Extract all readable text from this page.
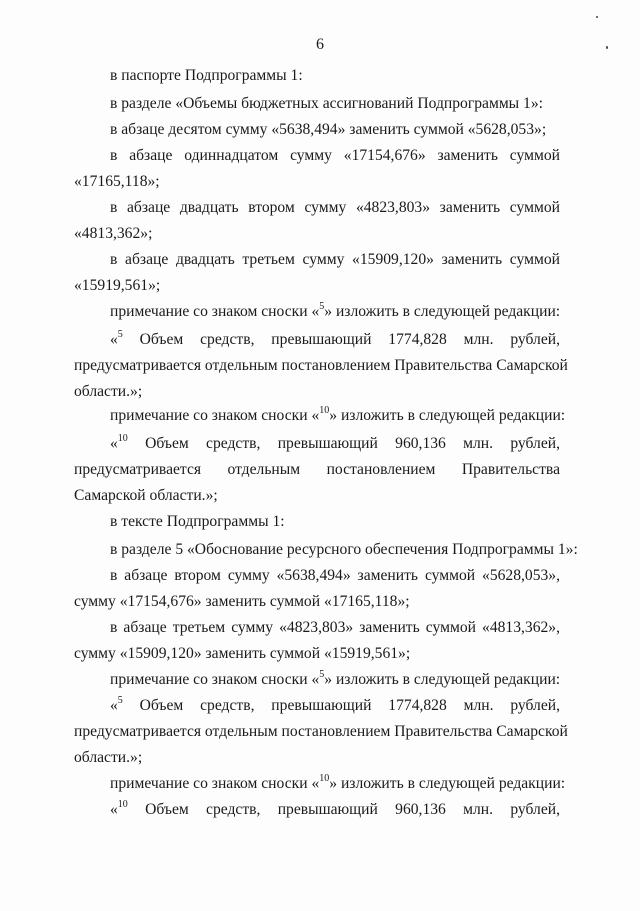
6
в паспорте Подпрограммы 1:
в разделе «Объемы бюджетных ассигнований Подпрограммы 1»:
в абзаце десятом сумму «5638,494» заменить суммой «5628,053»;
в абзаце одиннадцатом сумму «17154,676» заменить суммой
«17165,118»;
в абзаце двадцать втором сумму «4823,803» заменить суммой
«4813,362»;
в абзаце двадцать третьем сумму «15909,120» заменить суммой
«15919,561»;
примечание со знаком сноски «$^5$» изложить в следующей редакции:
«$^5$ Объем средств, превышающий 1774,828 млн. рублей,
предусматривается отдельным постановлением Правительства Самарской
области.»;
примечание со знаком сноски «$^{10}$» изложить в следующей редакции:
«$^{10}$ Объем средств, превышающий 960,136 млн. рублей,
предусматривается отдельным постановлением Правительства
Самарской области.»;
в тексте Подпрограммы 1:
в разделе 5 «Обоснование ресурсного обеспечения Подпрограммы 1»:
в абзаце втором сумму «5638,494» заменить суммой «5628,053»,
сумму «17154,676» заменить суммой «17165,118»;
в абзаце третьем сумму «4823,803» заменить суммой «4813,362»,
сумму «15909,120» заменить суммой «15919,561»;
примечание со знаком сноски «$^5$» изложить в следующей редакции:
«$^5$ Объем средств, превышающий 1774,828 млн. рублей,
предусматривается отдельным постановлением Правительства Самарской
области.»;
примечание со знаком сноски «$^{10}$» изложить в следующей редакции:
«$^{10}$ Объем средств, превышающий 960,136 млн. рублей,
